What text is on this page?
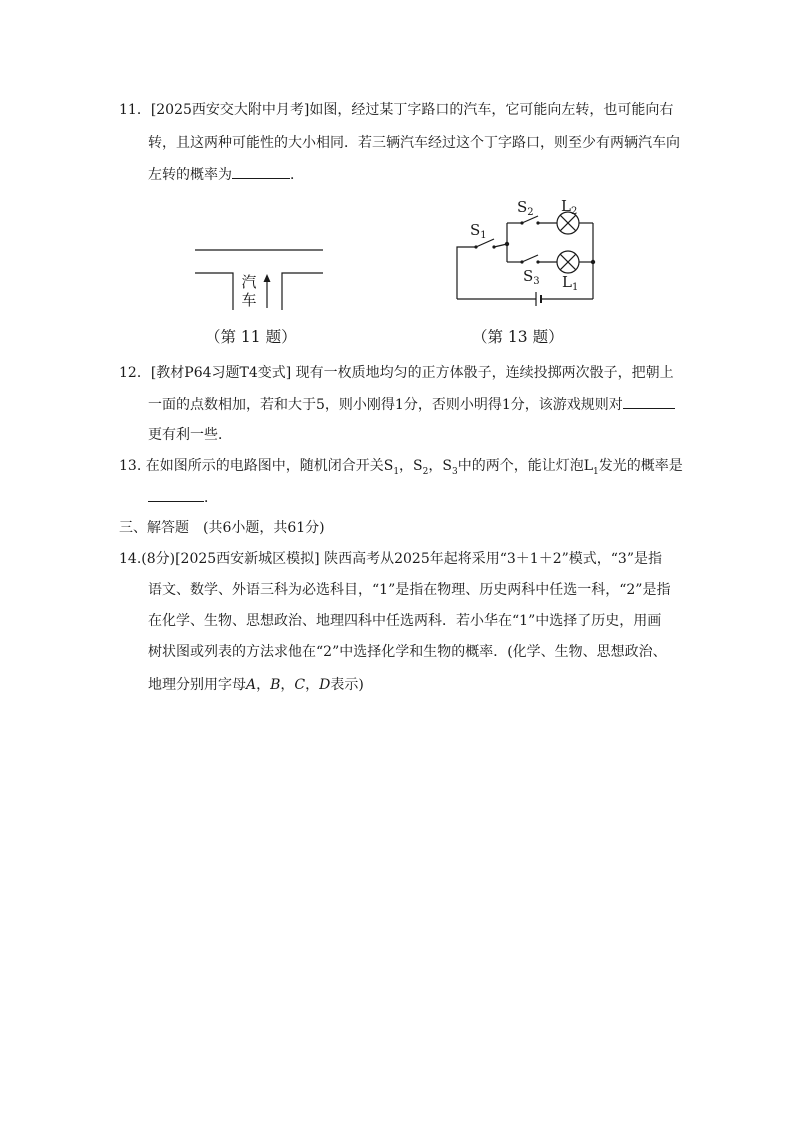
11．[2025西安交大附中月考]如图，经过某丁字路口的汽车，它可能向左转，也可能向右
转，且这两种可能性的大小相同．若三辆汽车经过这个丁字路口，则至少有两辆汽车向
左转的概率为	．
汽
车
（第 11 题）
$S_1$
$S_2$
$S_3$
$L_2$
$L_1$
（第 13 题）
12．[教材P64习题T4变式] 现有一枚质地均匀的正方体骰子，连续投掷两次骰子，把朝上
一面的点数相加，若和大于5，则小刚得1分，否则小明得1分，该游戏规则对
更有利一些．
13. 在如图所示的电路图中，随机闭合开关$S_1$，$S_2$，$S_3$中的两个，能让灯泡$L_1$发光的概率是
．
三、解答题　(共6小题，共61分)
14.(8分)[2025西安新城区模拟] 陕西高考从2025年起将采用“3＋1＋2”模式，“3”是指
语文、数学、外语三科为必选科目，“1”是指在物理、历史两科中任选一科，“2”是指
在化学、生物、思想政治、地理四科中任选两科．若小华在“1”中选择了历史，用画
树状图或列表的方法求他在“2”中选择化学和生物的概率．(化学、生物、思想政治、
地理分别用字母A，B，C，D表示)
